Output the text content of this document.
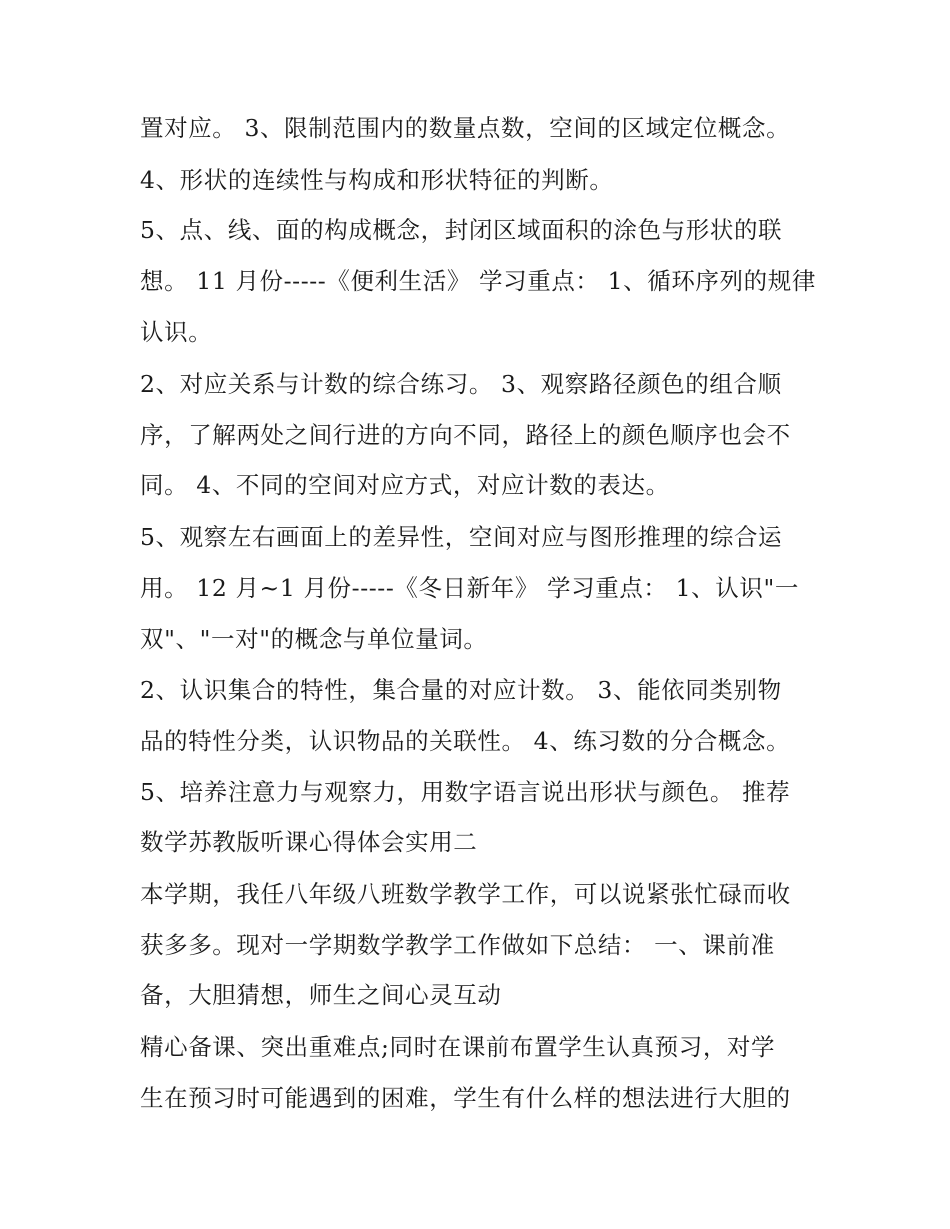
置对应。 3、限制范围内的数量点数，空间的区域定位概念。
4、形状的连续性与构成和形状特征的判断。
5、点、线、面的构成概念，封闭区域面积的涂色与形状的联
想。 11 月份-----《便利生活》 学习重点： 1、循环序列的规律
认识。
2、对应关系与计数的综合练习。 3、观察路径颜色的组合顺
序，了解两处之间行进的方向不同，路径上的颜色顺序也会不
同。 4、不同的空间对应方式，对应计数的表达。
5、观察左右画面上的差异性，空间对应与图形推理的综合运
用。 12 月~1 月份-----《冬日新年》 学习重点： 1、认识"一
双"、"一对"的概念与单位量词。
2、认识集合的特性，集合量的对应计数。 3、能依同类别物
品的特性分类，认识物品的关联性。 4、练习数的分合概念。
5、培养注意力与观察力，用数字语言说出形状与颜色。 推荐
数学苏教版听课心得体会实用二
本学期，我任八年级八班数学教学工作，可以说紧张忙碌而收
获多多。现对一学期数学教学工作做如下总结： 一、课前准
备，大胆猜想，师生之间心灵互动
精心备课、突出重难点;同时在课前布置学生认真预习，对学
生在预习时可能遇到的困难，学生有什么样的想法进行大胆的
